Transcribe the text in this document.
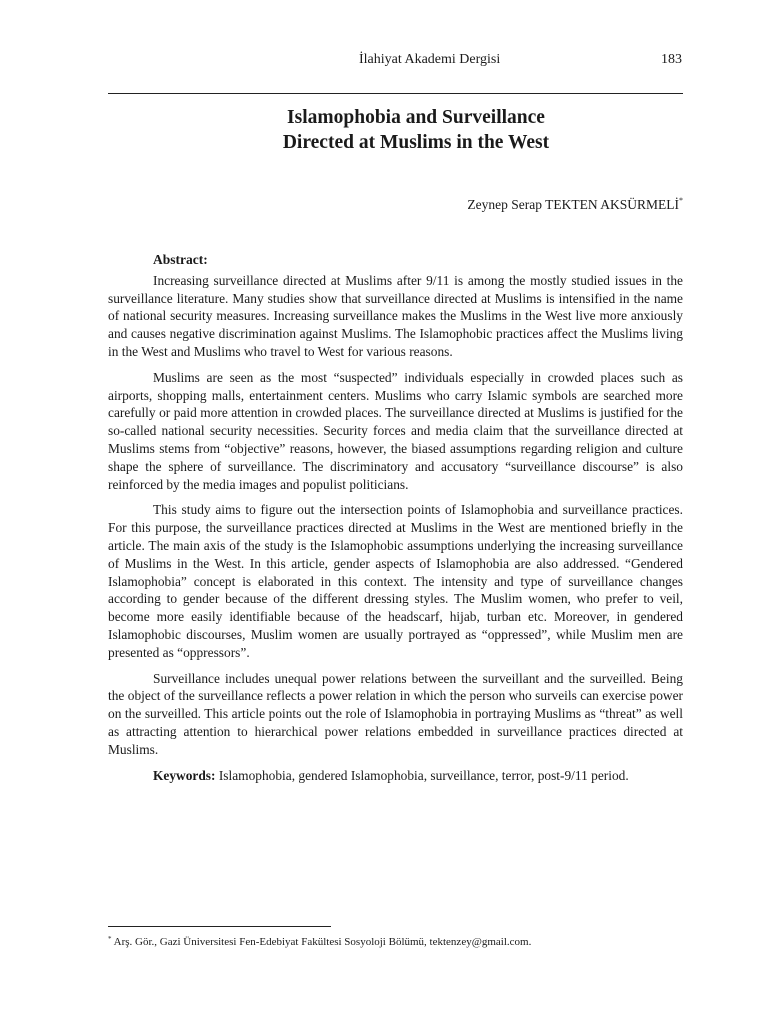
İlahiyat Akademi Dergisi	183
Islamophobia and Surveillance
Directed at Muslims in the West
Zeynep Serap TEKTEN AKSÜRMELİ*
Abstract:

Increasing surveillance directed at Muslims after 9/11 is among the mostly studied issues in the surveillance literature. Many studies show that surveillance directed at Muslims is intensified in the name of national security measures. Increasing surveillance makes the Muslims in the West live more anxiously and causes negative discrimination against Muslims. The Islamophobic practices affect the Muslims living in the West and Muslims who travel to West for various reasons.

Muslims are seen as the most “suspected” individuals especially in crowded places such as airports, shopping malls, entertainment centers. Muslims who carry Islamic symbols are searched more carefully or paid more attention in crowded places. The surveillance directed at Muslims is justified for the so-called national security necessities. Security forces and media claim that the surveillance directed at Muslims stems from “objective” reasons, however, the biased assumptions regarding religion and culture shape the sphere of surveillance. The discriminatory and accusatory “surveillance discourse” is also reinforced by the media images and populist politicians.

This study aims to figure out the intersection points of Islamophobia and surveillance practices. For this purpose, the surveillance practices directed at Muslims in the West are mentioned briefly in the article. The main axis of the study is the Islamophobic assumptions underlying the increasing surveillance of Muslims in the West. In this article, gender aspects of Islamophobia are also addressed. “Gendered Islamophobia” concept is elaborated in this context. The intensity and type of surveillance changes according to gender because of the different dressing styles. The Muslim women, who prefer to veil, become more easily identifiable because of the headscarf, hijab, turban etc. Moreover, in gendered Islamophobic discourses, Muslim women are usually portrayed as “oppressed”, while Muslim men are presented as “oppressors”.

Surveillance includes unequal power relations between the surveillant and the surveilled. Being the object of the surveillance reflects a power relation in which the person who surveils can exercise power on the surveilled. This article points out the role of Islamophobia in portraying Muslims as “threat” as well as attracting attention to hierarchical power relations embedded in surveillance practices directed at Muslims.

Keywords: Islamophobia, gendered Islamophobia, surveillance, terror, post-9/11 period.

* Arş. Gör., Gazi Üniversitesi Fen-Edebiyat Fakültesi Sosyoloji Bölümü, tektenzey@gmail.com.
